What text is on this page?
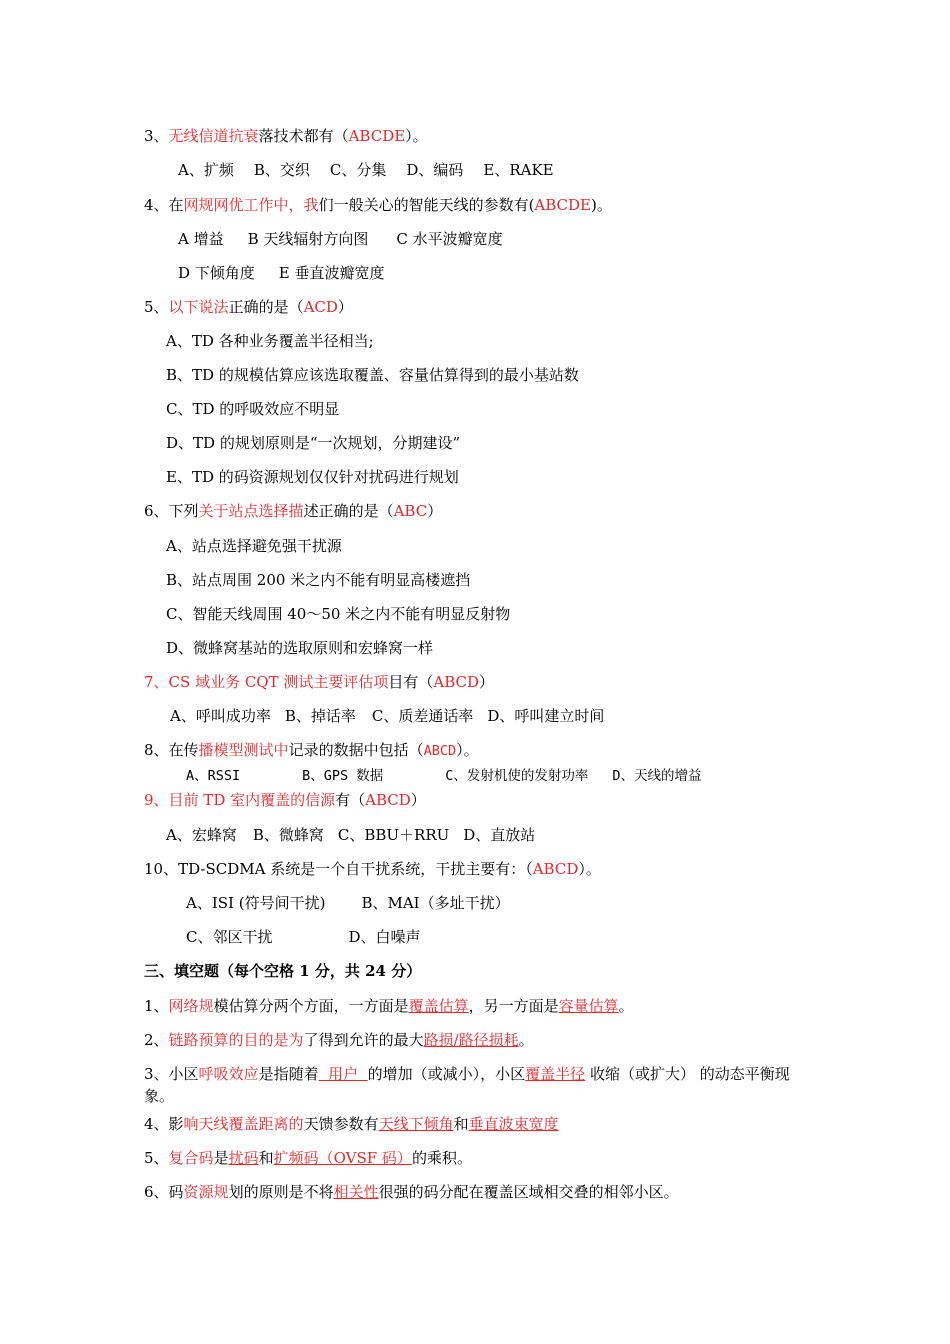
3、无线信道抗衰落技术都有（ABCDE）。
A、扩频 B、交织 C、分集 D、编码 E、RAKE
4、在网规网优工作中，我们一般关心的智能天线的参数有(ABCDE)。
A 增益 B 天线辐射方向图 C 水平波瓣宽度
D 下倾角度 E 垂直波瓣宽度
5、以下说法正确的是（ACD）
A、TD 各种业务覆盖半径相当;
B、TD 的规模估算应该选取覆盖、容量估算得到的最小基站数
C、TD 的呼吸效应不明显
D、TD 的规划原则是“一次规划，分期建设”
E、TD 的码资源规划仅仅针对扰码进行规划
6、下列关于站点选择描述正确的是（ABC）
A、站点选择避免强干扰源
B、站点周围 200 米之内不能有明显高楼遮挡
C、智能天线周围 40～50 米之内不能有明显反射物
D、微蜂窝基站的选取原则和宏蜂窝一样
7、CS 域业务 CQT 测试主要评估项目有（ABCD）
A、呼叫成功率 B、掉话率 C、质差通话率 D、呼叫建立时间
8、在传播模型测试中记录的数据中包括（ABCD）。
A、RSSI	B、GPS 数据	C、发射机使的发射功率 D、天线的增益
9、目前 TD 室内覆盖的信源有（ABCD）
A、宏蜂窝 B、微蜂窝 C、BBU＋RRU D、直放站
10、TD-SCDMA 系统是一个自干扰系统，干扰主要有：（ABCD）。
A、ISI (符号间干扰) B、MAI（多址干扰）
C、邻区干扰	D、白噪声
三、填空题（每个空格 1 分，共 24 分）
1、网络规模估算分两个方面，一方面是覆盖估算，另一方面是容量估算。
2、链路预算的目的是为了得到允许的最大路损/路径损耗。
3、小区呼吸效应是指随着  用户  的增加（或减小），小区覆盖半径 收缩（或扩大） 的动态平衡现象。
4、影响天线覆盖距离的天馈参数有天线下倾角和垂直波束宽度
5、复合码是扰码和扩频码（OVSF 码）的乘积。
6、码资源规划的原则是不将相关性很强的码分配在覆盖区域相交叠的相邻小区。
